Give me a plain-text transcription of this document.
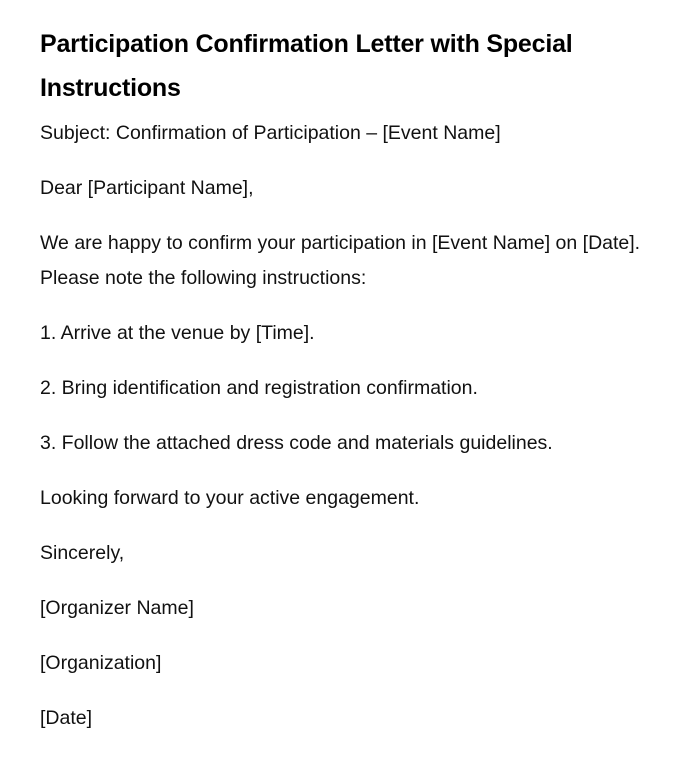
Participation Confirmation Letter with Special Instructions

Subject: Confirmation of Participation – [Event Name]

Dear [Participant Name],

We are happy to confirm your participation in [Event Name] on [Date]. Please note the following instructions:

1. Arrive at the venue by [Time].
2. Bring identification and registration confirmation.
3. Follow the attached dress code and materials guidelines.

Looking forward to your active engagement.

Sincerely,

[Organizer Name]

[Organization]

[Date]
